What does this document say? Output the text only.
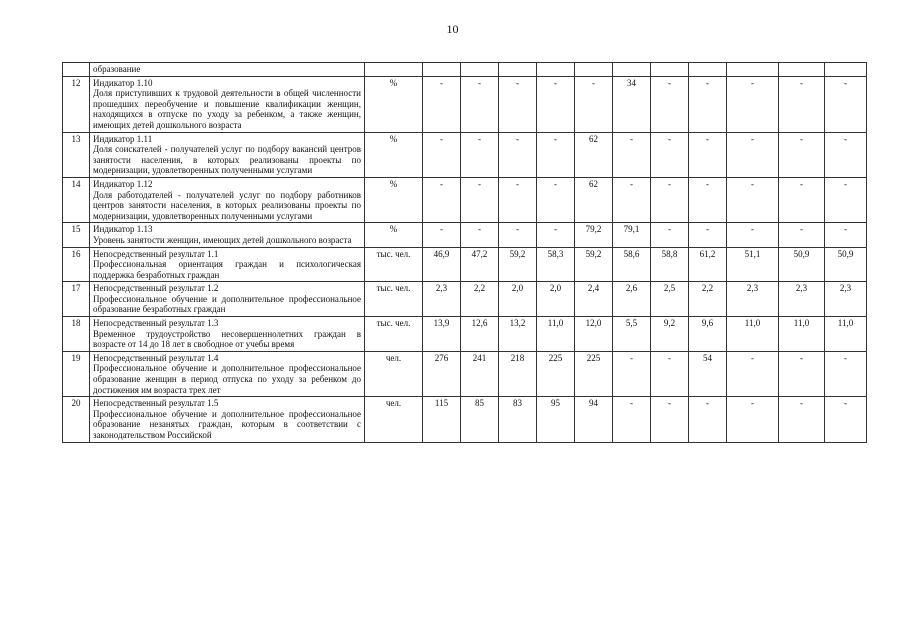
10
	образование												
12	Индикатор 1.10
Доля приступивших к трудовой деятельности в общей численности прошедших переобучение и повышение квалификации женщин, находящихся в отпуске по уходу за ребенком, а также женщин, имеющих детей дошкольного возраста	%	-	-	-	-	-	34	-	-	-	-	-
13	Индикатор 1.11
Доля соискателей - получателей услуг по подбору вакансий центров занятости населения, в которых реализованы проекты по модернизации, удовлетворенных полученными услугами	%	-	-	-	-	62	-	-	-	-	-	-
14	Индикатор 1.12
Доля работодателей - получателей услуг по подбору работников центров занятости населения, в которых реализованы проекты по модернизации, удовлетворенных полученными услугами	%	-	-	-	-	62	-	-	-	-	-	-
15	Индикатор 1.13
Уровень занятости женщин, имеющих детей дошкольного возраста	%	-	-	-	-	79,2	79,1	-	-	-	-	-
16	Непосредственный результат 1.1
Профессиональная ориентация граждан и психологическая поддержка безработных граждан	тыс. чел.	46,9	47,2	59,2	58,3	59,2	58,6	58,8	61,2	51,1	50,9	50,9
17	Непосредственный результат 1.2
Профессиональное обучение и дополнительное профессиональное образование безработных граждан	тыс. чел.	2,3	2,2	2,0	2,0	2,4	2,6	2,5	2,2	2,3	2,3	2,3
18	Непосредственный результат 1.3
Временное трудоустройство несовершеннолетних граждан в возрасте от 14 до 18 лет в свободное от учебы время	тыс. чел.	13,9	12,6	13,2	11,0	12,0	5,5	9,2	9,6	11,0	11,0	11,0
19	Непосредственный результат 1.4
Профессиональное обучение и дополнительное профессиональное образование женщин в период отпуска по уходу за ребенком до достижения им возраста трех лет	чел.	276	241	218	225	225	-	-	54	-	-	-
20	Непосредственный результат 1.5
Профессиональное обучение и дополнительное профессиональное образование незанятых граждан, которым в соответствии с законодательством Российской	чел.	115	85	83	95	94	-	-	-	-	-	-
